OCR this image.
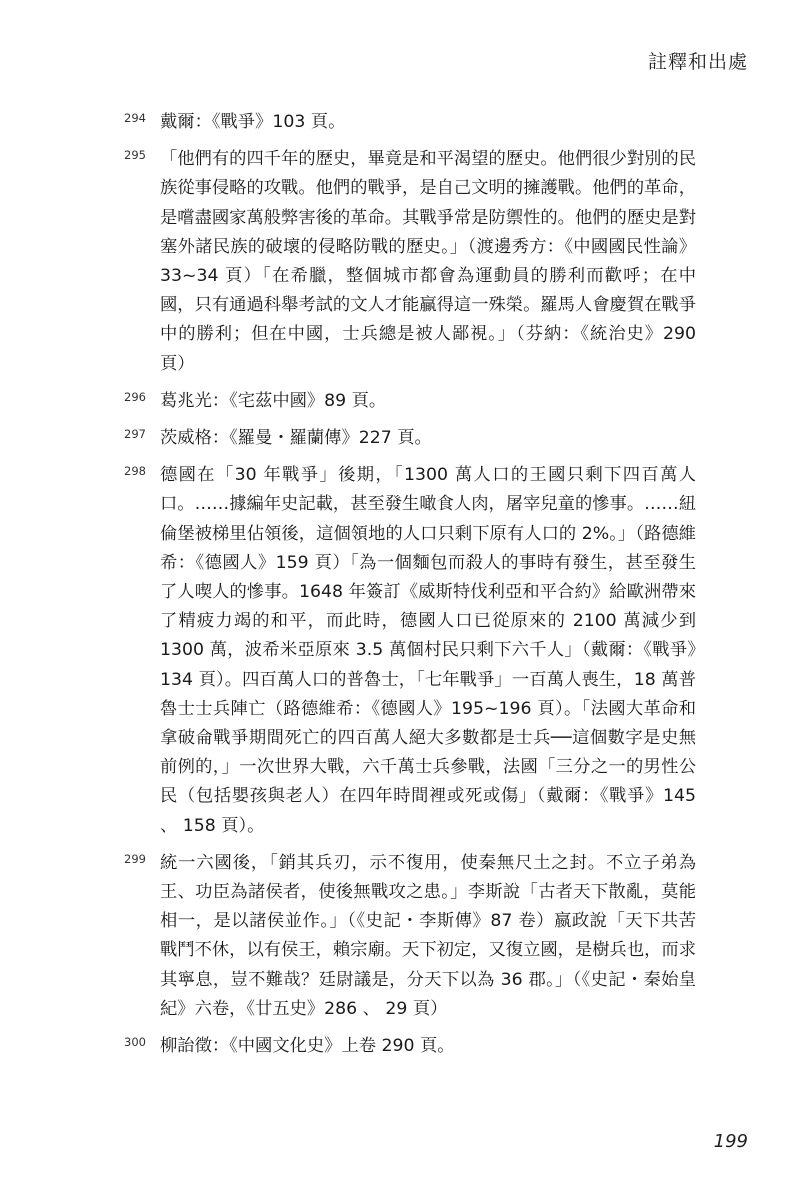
註釋和出處
294 戴爾：《戰爭》103 頁。
295 「他們有的四千年的歷史，畢竟是和平渴望的歷史。他們很少對別的民族從事侵略的攻戰。他們的戰爭，是自己文明的擁護戰。他們的革命，是嚐盡國家萬般弊害後的革命。其戰爭常是防禦性的。他們的歷史是對塞外諸民族的破壞的侵略防戰的歷史。」（渡邊秀方：《中國國民性論》33~34 頁）「在希臘，整個城市都會為運動員的勝利而歡呼；在中國，只有通過科舉考試的文人才能贏得這一殊榮。羅馬人會慶賀在戰爭中的勝利；但在中國，士兵總是被人鄙視。」（芬納：《統治史》290 頁）
296 葛兆光：《宅茲中國》89 頁。
297 茨威格：《羅曼・羅蘭傳》227 頁。
298 德國在「30 年戰爭」後期，「1300 萬人口的王國只剩下四百萬人口。……據編年史記載，甚至發生噉食人肉，屠宰兒童的慘事。……紐倫堡被梯里佔領後，這個領地的人口只剩下原有人口的 2%。」（路德維希：《德國人》159 頁）「為一個麵包而殺人的事時有發生，甚至發生了人喫人的慘事。1648 年簽訂《威斯特伐利亞和平合約》給歐洲帶來了精疲力竭的和平，而此時，德國人口已從原來的 2100 萬減少到 1300 萬，波希米亞原來 3.5 萬個村民只剩下六千人」（戴爾：《戰爭》134 頁）。四百萬人口的普魯士，「七年戰爭」一百萬人喪生，18 萬普魯士士兵陣亡（路德維希：《德國人》195~196 頁）。「法國大革命和拿破侖戰爭期間死亡的四百萬人絕大多數都是士兵──這個數字是史無前例的，」一次世界大戰，六千萬士兵參戰，法國「三分之一的男性公民（包括嬰孩與老人）在四年時間裡或死或傷」（戴爾：《戰爭》145 、 158 頁）。
299 統一六國後，「銷其兵刃，示不復用，使秦無尺土之封。不立子弟為王、功臣為諸侯者，使後無戰攻之患。」李斯說「古者天下散亂，莫能相一，是以諸侯並作。」（《史記・李斯傳》87 卷）嬴政說「天下共苦戰鬥不休，以有侯王，賴宗廟。天下初定，又復立國，是樹兵也，而求其寧息，豈不難哉？廷尉議是，分天下以為 36 郡。」（《史記・秦始皇紀》六卷，《廿五史》286 、 29 頁）
300 柳詒徵：《中國文化史》上卷 290 頁。
199
